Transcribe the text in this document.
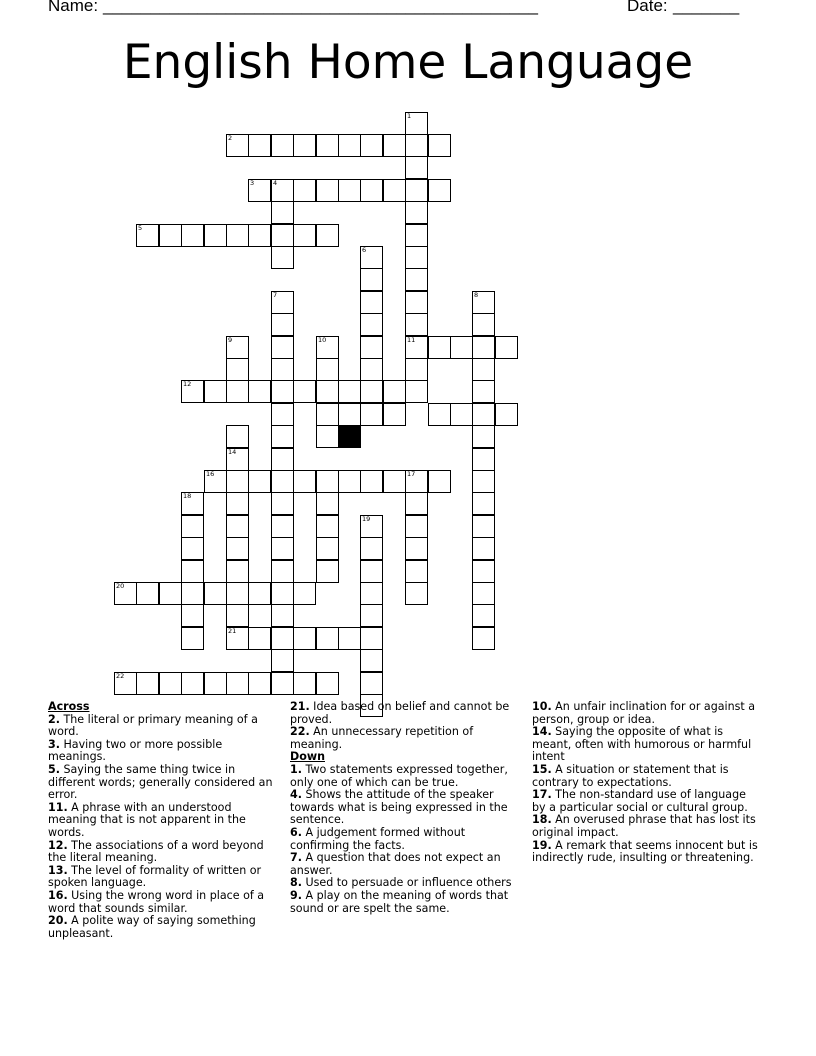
Name: ______________________________________________	Date: _______
English Home Language
1
11
2
3	4
5
6
7	8
9	10
12
14
21
16	17
18
19
20
22

Across

2. The literal or primary meaning of a word.

3. Having two or more possible meanings.

5. Saying the same thing twice in different words; generally considered an error.

11. A phrase with an understood meaning that is not apparent in the words.

12. The associations of a word beyond the literal meaning.

13. The level of formality of written or spoken language.

16. Using the wrong word in place of a word that sounds similar.

20. A polite way of saying something unpleasant.

21. Idea based on belief and cannot be proved.

22. An unnecessary repetition of meaning.

Down

1. Two statements expressed together, only one of which can be true.

4. Shows the attitude of the speaker towards what is being expressed in the sentence.

6. A judgement formed without confirming the facts.

7. A question that does not expect an answer.

8. Used to persuade or influence others

9. A play on the meaning of words that sound or are spelt the same.

10. An unfair inclination for or against a person, group or idea.

14. Saying the opposite of what is meant, often with humorous or harmful intent

15. A situation or statement that is contrary to expectations.

17. The non-standard use of language by a particular social or cultural group.

18. An overused phrase that has lost its original impact.

19. A remark that seems innocent but is indirectly rude, insulting or threatening.
